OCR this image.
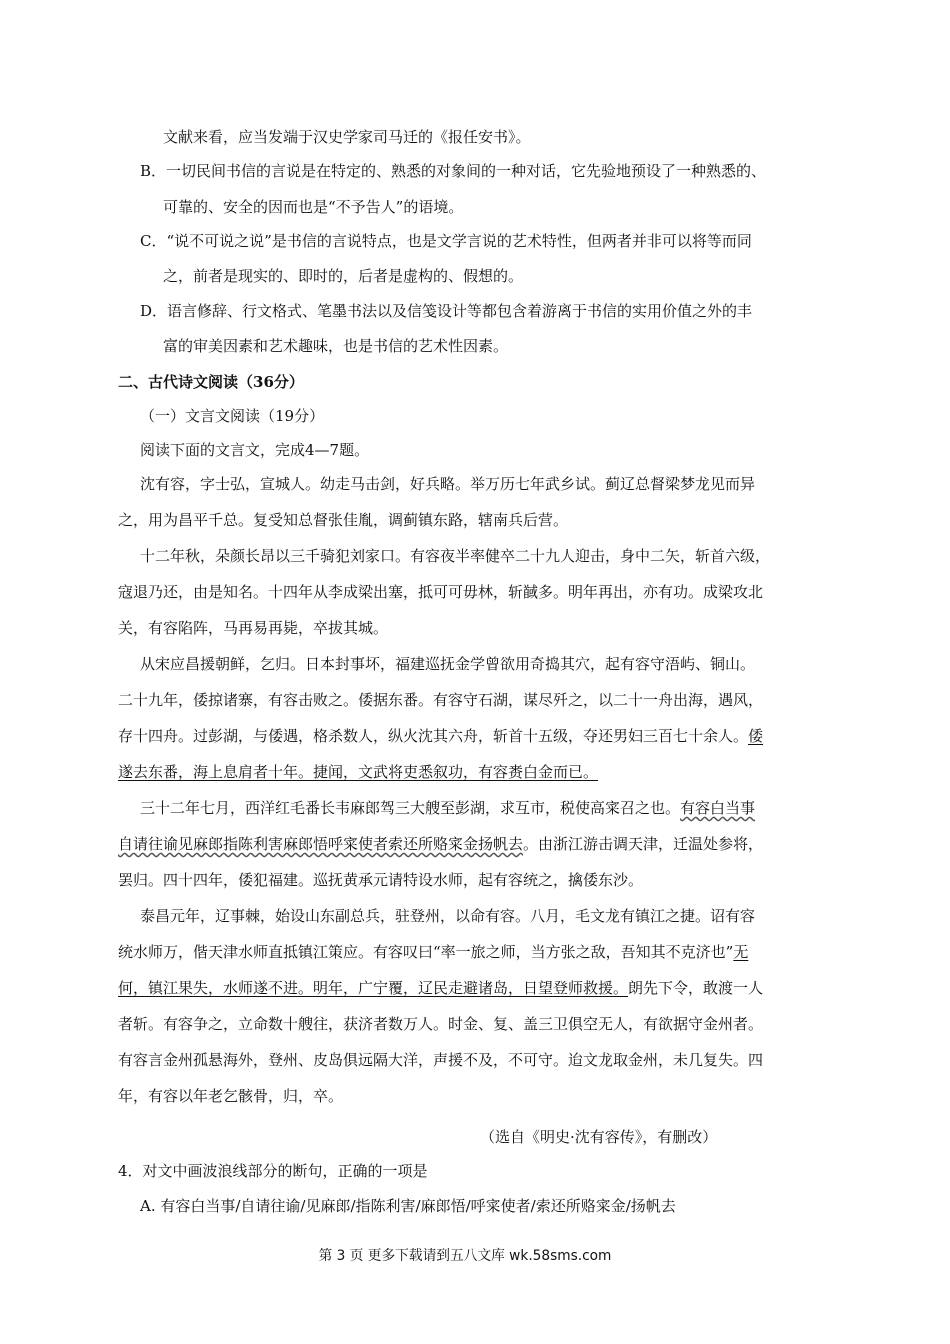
文献来看，应当发端于汉史学家司马迁的《报任安书》。
B．一切民间书信的言说是在特定的、熟悉的对象间的一种对话，它先验地预设了一种熟悉的、
可靠的、安全的因而也是“不予告人”的语境。
C．“说不可说之说”是书信的言说特点，也是文学言说的艺术特性，但两者并非可以将等而同
之，前者是现实的、即时的，后者是虚构的、假想的。
D．语言修辞、行文格式、笔墨书法以及信笺设计等都包含着游离于书信的实用价值之外的丰
富的审美因素和艺术趣味，也是书信的艺术性因素。
二、古代诗文阅读（36分）
（一）文言文阅读（19分）
阅读下面的文言文，完成4—7题。
沈有容，字士弘，宣城人。幼走马击剑，好兵略。举万历七年武乡试。蓟辽总督梁梦龙见而异
之，用为昌平千总。复受知总督张佳胤，调蓟镇东路，辖南兵后营。
十二年秋，朵颜长昂以三千骑犯刘家口。有容夜半率健卒二十九人迎击，身中二矢，斩首六级，
寇退乃还，由是知名。十四年从李成梁出塞，抵可可毋林，斩馘多。明年再出，亦有功。成梁攻北
关，有容陷阵，马再易再毙，卒拔其城。
从宋应昌援朝鲜，乞归。日本封事坏，福建巡抚金学曾欲用奇捣其穴，起有容守浯屿、铜山。
二十九年，倭掠诸寨，有容击败之。倭据东番。有容守石湖，谋尽歼之，以二十一舟出海，遇风，
存十四舟。过彭湖，与倭遇，格杀数人，纵火沈其六舟，斩首十五级，夺还男妇三百七十余人。倭
遂去东番，海上息肩者十年。捷闻，文武将吏悉叙功，有容赉白金而已。
三十二年七月，西洋红毛番长韦麻郎驾三大艘至彭湖，求互市，税使高寀召之也。有容白当事
自请往谕见麻郎指陈利害麻郎悟呼寀使者索还所赂寀金扬帆去。由浙江游击调天津，迁温处参将，
罢归。四十四年，倭犯福建。巡抚黄承元请特设水师，起有容统之，擒倭东沙。
泰昌元年，辽事棘，始设山东副总兵，驻登州，以命有容。八月，毛文龙有镇江之捷。诏有容
统水师万，偕天津水师直抵镇江策应。有容叹曰“率一旅之师，当方张之敌，吾知其不克济也”无
何，镇江果失，水师遂不进。明年，广宁覆，辽民走避诸岛，日望登师救援。朗先下令，敢渡一人
者斩。有容争之，立命数十艘往，获济者数万人。时金、复、盖三卫俱空无人，有欲据守金州者。
有容言金州孤悬海外，登州、皮岛俱远隔大洋，声援不及，不可守。迨文龙取金州，未几复失。四
年，有容以年老乞骸骨，归，卒。
（选自《明史·沈有容传》，有删改）
4．对文中画波浪线部分的断句，正确的一项是
A. 有容白当事/自请往谕/见麻郎/指陈利害/麻郎悟/呼寀使者/索还所赂寀金/扬帆去
第 3 页 更多下载请到五八文库 wk.58sms.com
